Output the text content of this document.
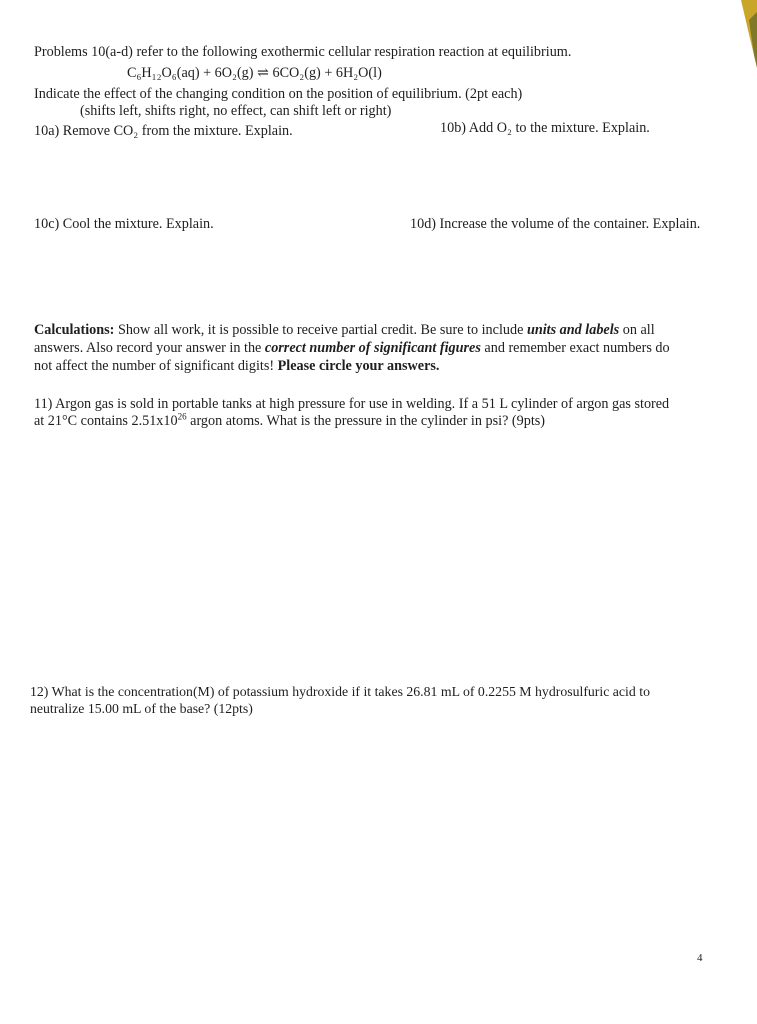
Problems 10(a-d) refer to the following exothermic cellular respiration reaction at equilibrium.
C₆H₁₂O₆(aq) + 6O₂(g) ⇌ 6CO₂(g) + 6H₂O(l)
Indicate the effect of the changing condition on the position of equilibrium. (2pt each)
(shifts left, shifts right, no effect, can shift left or right)
10a) Remove CO₂ from the mixture. Explain.	10b) Add O₂ to the mixture. Explain.
10c) Cool the mixture. Explain.	10d) Increase the volume of the container. Explain.
Calculations: Show all work, it is possible to receive partial credit. Be sure to include units and labels on all
answers. Also record your answer in the correct number of significant figures and remember exact numbers do
not affect the number of significant digits! Please circle your answers.
11) Argon gas is sold in portable tanks at high pressure for use in welding. If a 51 L cylinder of argon gas stored
at 21°C contains $2.51x10^{26}$ argon atoms. What is the pressure in the cylinder in psi? (9pts)
12) What is the concentration(M) of potassium hydroxide if it takes 26.81 mL of 0.2255 M hydrosulfuric acid to
neutralize 15.00 mL of the base? (12pts)
4
